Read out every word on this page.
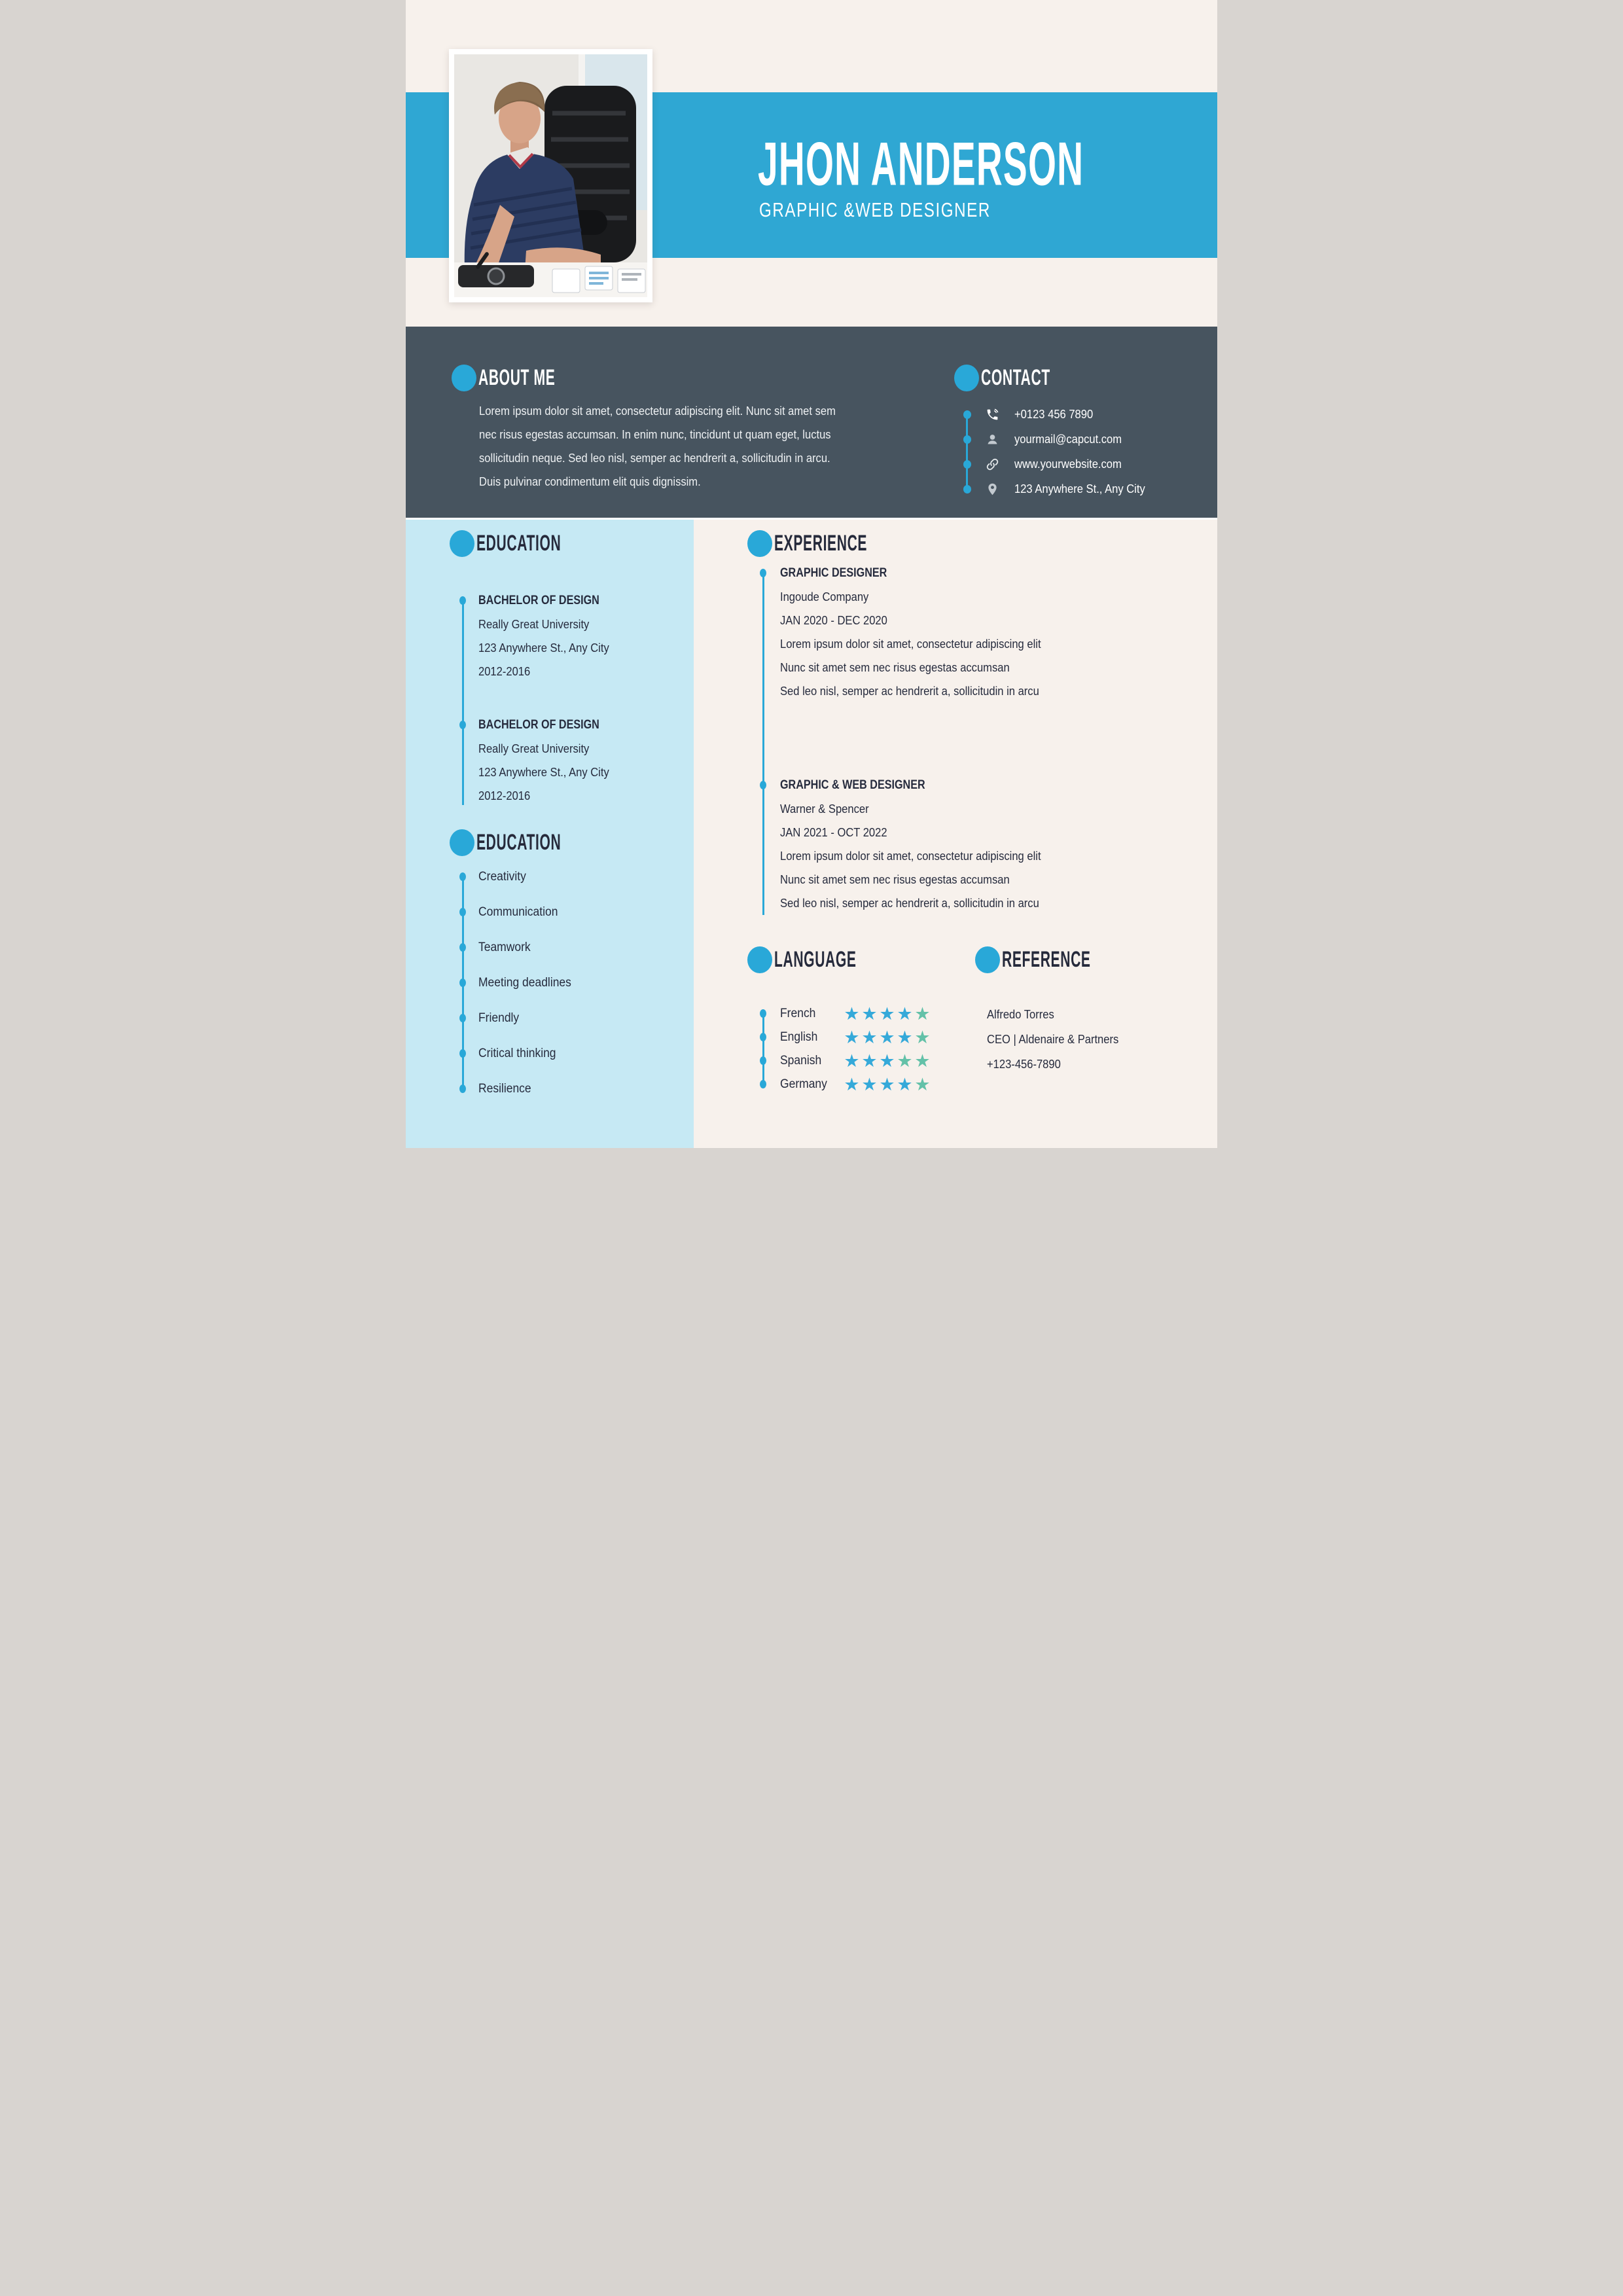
JHON ANDERSON
GRAPHIC &WEB DESIGNER
ABOUT ME
Lorem ipsum dolor sit amet, consectetur adipiscing elit. Nunc sit amet sem
nec risus egestas accumsan. In enim nunc, tincidunt ut quam eget, luctus
sollicitudin neque. Sed leo nisl, semper ac hendrerit a, sollicitudin in arcu.
Duis pulvinar condimentum elit quis dignissim.
CONTACT
+0123 456 7890
yourmail@capcut.com
www.yourwebsite.com
123 Anywhere St., Any City
EDUCATION
BACHELOR OF DESIGN
Really Great University
123 Anywhere St., Any City
2012-2016
BACHELOR OF DESIGN
Really Great University
123 Anywhere St., Any City
2012-2016
EDUCATION
Creativity
Communication
Teamwork
Meeting deadlines
Friendly
Critical thinking
Resilience
EXPERIENCE
GRAPHIC DESIGNER
Ingoude Company
JAN 2020 - DEC 2020
Lorem ipsum dolor sit amet, consectetur adipiscing elit
Nunc sit amet sem nec risus egestas accumsan
Sed leo nisl, semper ac hendrerit a, sollicitudin in arcu
GRAPHIC & WEB DESIGNER
Warner & Spencer
JAN 2021 - OCT 2022
Lorem ipsum dolor sit amet, consectetur adipiscing elit
Nunc sit amet sem nec risus egestas accumsan
Sed leo nisl, semper ac hendrerit a, sollicitudin in arcu
LANGUAGE
French	★ ★ ★ ★ ★
English	★ ★ ★ ★ ★
Spanish	★ ★ ★ ★ ★
Germany ★ ★ ★ ★ ★
REFERENCE
Alfredo Torres
CEO | Aldenaire & Partners
+123-456-7890
